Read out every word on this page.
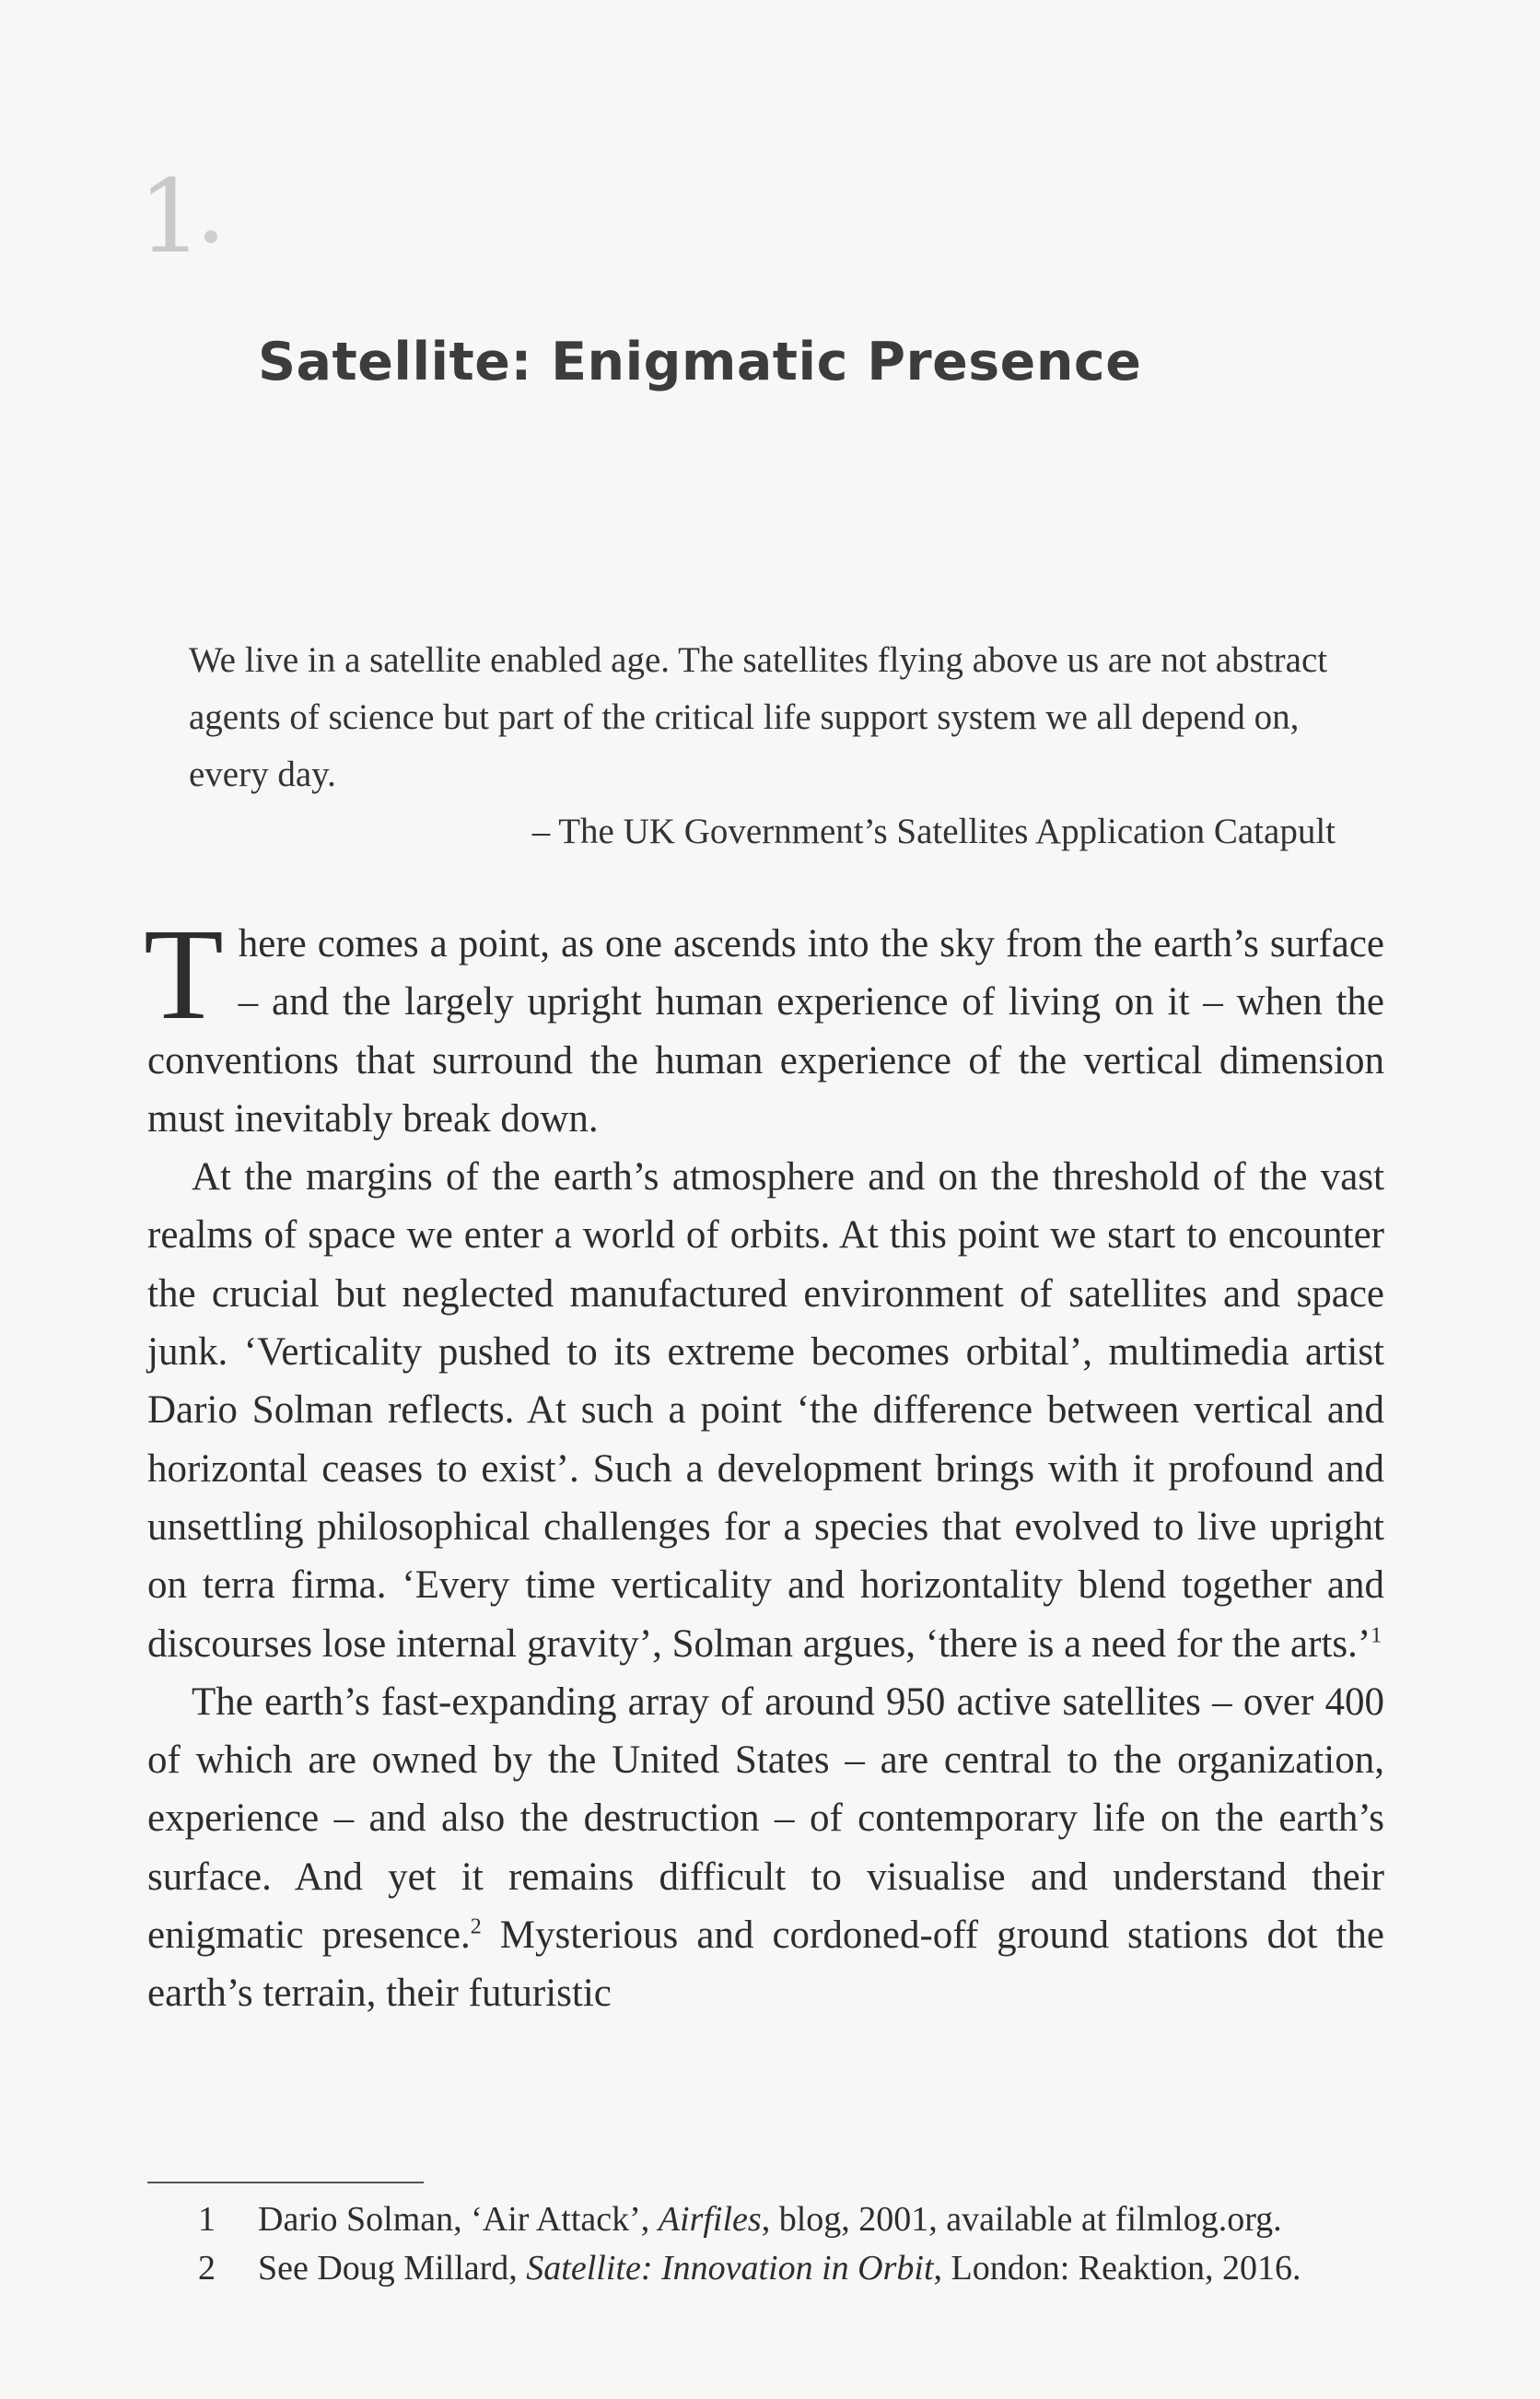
1
Satellite: Enigmatic Presence

We live in a satellite enabled age. The satellites flying above us are not abstract agents of science but part of the critical life support system we all depend on, every day.

– The UK Government’s Satellites Application Catapult

There comes a point, as one ascends into the sky from the earth’s surface – and the largely upright human experience of living on it – when the conventions that surround the human experience of the vertical dimension must inevitably break down.

At the margins of the earth’s atmosphere and on the threshold of the vast realms of space we enter a world of orbits. At this point we start to encounter the crucial but neglected manufactured environment of satellites and space junk. ‘Verticality pushed to its extreme becomes orbital’, multimedia artist Dario Solman reflects. At such a point ‘the difference between vertical and horizontal ceases to exist’. Such a development brings with it profound and unsettling philosophical challenges for a species that evolved to live upright on terra firma. ‘Every time verticality and horizontality blend together and discourses lose internal gravity’, Solman argues, ‘there is a need for the arts.’$^1$

The earth’s fast-expanding array of around 950 active satellites – over 400 of which are owned by the United States – are central to the organization, experience – and also the destruction – of contemporary life on the earth’s surface. And yet it remains difficult to visualise and understand their enigmatic presence.$^2$ Mysterious and cordoned-off ground stations dot the earth’s terrain, their futuristic

1	Dario Solman, ‘Air Attack’, Airfiles, blog, 2001, available at filmlog.org.

2	See Doug Millard, Satellite: Innovation in Orbit, London: Reaktion, 2016.
